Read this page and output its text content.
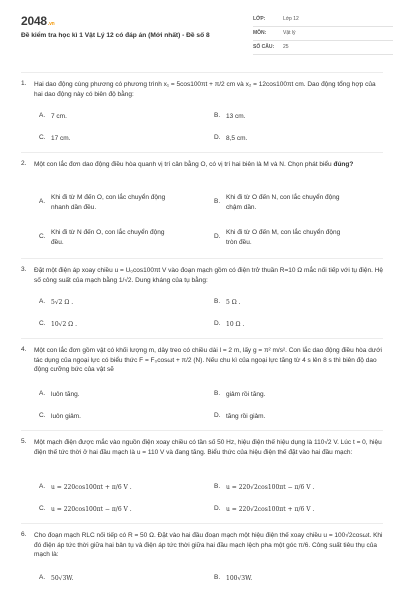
2048.vn
Đề kiểm tra học kì 1 Vật Lý 12 có đáp án (Mới nhất) - Đề số 8
LỚP:	Lớp 12
MÔN:	Vật lý
SỐ CÂU:	25
1.	Hai dao động cùng phương có phương trình x₁ = 5cos100πt + π/2 cm và x₂ = 12cos100πt cm. Dao động tổng hợp của hai dao động này có biên độ bằng:
A. 7 cm.	B. 13 cm.
C. 17 cm.	D. 8,5 cm.
2.	Một con lắc đơn dao động điều hòa quanh vị trí cân bằng O, có vị trí hai biên là M và N. Chọn phát biểu đúng?
A.
Khi đi từ M đến O, con lắc chuyển động nhanh dần đều.
B.
Khi đi từ O đến N, con lắc chuyển động chậm dần.
C.
Khi đi từ N đến O, con lắc chuyển động đều.
D.
Khi đi từ O đến M, con lắc chuyển động tròn đều.
3.	Đặt một điện áp xoay chiều u = U₀cos100πt V vào đoạn mạch gồm có điện trở thuần R=10 Ω mắc nối tiếp với tụ điện. Hệ số công suất của mạch bằng 1/√2. Dung kháng của tụ bằng:
A. 5√2 Ω .	B. 5 Ω .
C. 10√2 Ω .	D. 10 Ω .
4.	Một con lắc đơn gồm vật có khối lượng m, dây treo có chiều dài l = 2 m, lấy g = π² m/s². Con lắc dao động điều hòa dưới tác dụng của ngoại lực có biểu thức F = F₀cosωt + π/2 (N). Nếu chu kì của ngoại lực tăng từ 4 s lên 8 s thì biên độ dao động cưỡng bức của vật sẽ
A. luôn tăng.	B. giảm rồi tăng.
C. luôn giảm.	D. tăng rồi giảm.
5.	Một mạch điện được mắc vào nguồn điện xoay chiều có tần số 50 Hz, hiệu điện thế hiệu dụng là 110√2 V. Lúc t = 0, hiệu điện thế tức thời ở hai đầu mạch là u = 110 V và đang tăng. Biểu thức của hiệu điện thế đặt vào hai đầu mạch:
A. u = 220cos100πt + π/6 V .	B. u = 220√2cos100πt − π/6 V .
C. u = 220cos100πt − π/6 V .	D. u = 220√2cos100πt + π/6 V .
6.	Cho đoạn mạch RLC nối tiếp có R = 50 Ω. Đặt vào hai đầu đoạn mạch một hiệu điện thế xoay chiều u = 100√2cosωt. Khi đó điện áp tức thời giữa hai bản tụ và điện áp tức thời giữa hai đầu mạch lệch pha một góc π/6. Công suất tiêu thụ của mạch là:
A. 50√3W.	B. 100√3W.
